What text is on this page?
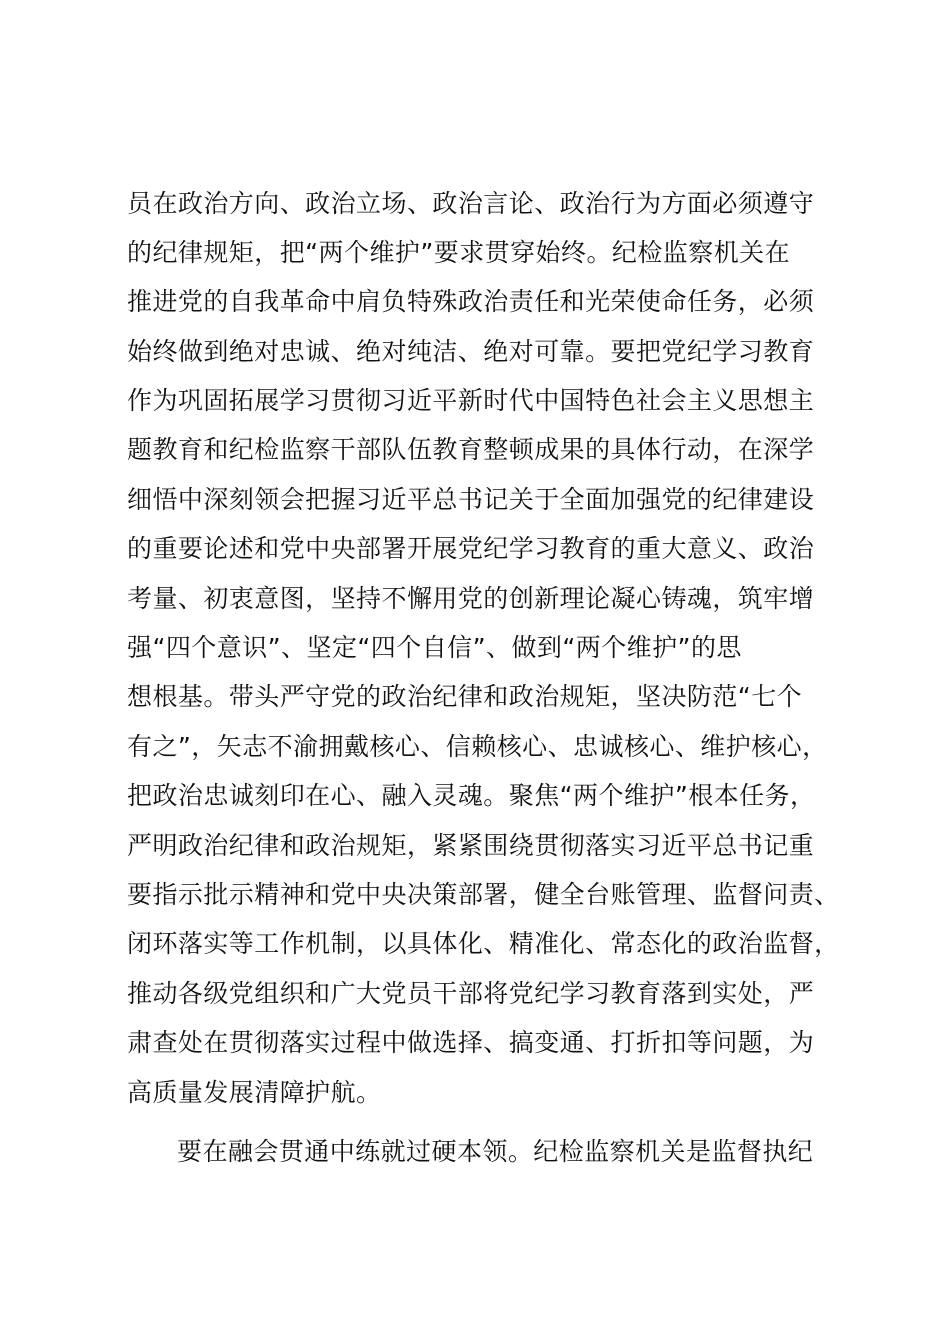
员在政治方向、政治立场、政治言论、政治行为方面必须遵守
的纪律规矩，把“两个维护”要求贯穿始终。纪检监察机关在
推进党的自我革命中肩负特殊政治责任和光荣使命任务，必须
始终做到绝对忠诚、绝对纯洁、绝对可靠。要把党纪学习教育
作为巩固拓展学习贯彻习近平新时代中国特色社会主义思想主
题教育和纪检监察干部队伍教育整顿成果的具体行动，在深学
细悟中深刻领会把握习近平总书记关于全面加强党的纪律建设
的重要论述和党中央部署开展党纪学习教育的重大意义、政治
考量、初衷意图，坚持不懈用党的创新理论凝心铸魂，筑牢增
强“四个意识”、坚定“四个自信”、做到“两个维护”的思
想根基。带头严守党的政治纪律和政治规矩，坚决防范“七个
有之”，矢志不渝拥戴核心、信赖核心、忠诚核心、维护核心，
把政治忠诚刻印在心、融入灵魂。聚焦“两个维护”根本任务，
严明政治纪律和政治规矩，紧紧围绕贯彻落实习近平总书记重
要指示批示精神和党中央决策部署，健全台账管理、监督问责、
闭环落实等工作机制，以具体化、精准化、常态化的政治监督，
推动各级党组织和广大党员干部将党纪学习教育落到实处，严
肃查处在贯彻落实过程中做选择、搞变通、打折扣等问题，为
高质量发展清障护航。
要在融会贯通中练就过硬本领。纪检监察机关是监督执纪
